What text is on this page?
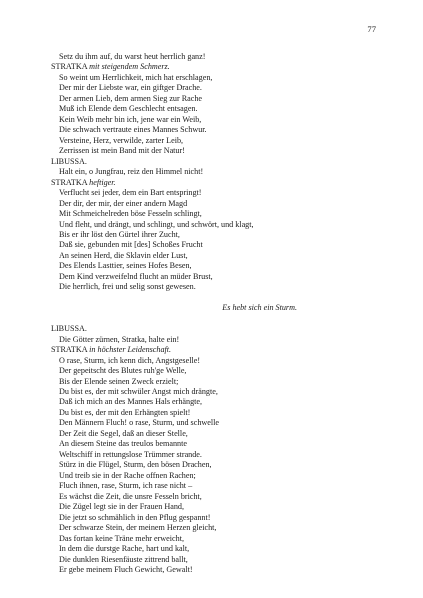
77
Setz du ihm auf, du warst heut herrlich ganz!
STRATKA mit steigendem Schmerz.
So weint um Herrlichkeit, mich hat erschlagen,
Der mir der Liebste war, ein giftger Drache.
Der armen Lieb, dem armen Sieg zur Rache
Muß ich Elende dem Geschlecht entsagen.
Kein Weib mehr bin ich, jene war ein Weib,
Die schwach vertraute eines Mannes Schwur.
Versteine, Herz, verwilde, zarter Leib,
Zerrissen ist mein Band mit der Natur!
LIBUSSA.
Halt ein, o Jungfrau, reiz den Himmel nicht!
STRATKA heftiger.
Verflucht sei jeder, dem ein Bart entspringt!
Der dir, der mir, der einer andern Magd
Mit Schmeichelreden böse Fesseln schlingt,
Und fleht, und drängt, und schlingt, und schwört, und klagt,
Bis er ihr löst den Gürtel ihrer Zucht,
Daß sie, gebunden mit [des] Schoßes Frucht
An seinen Herd, die Sklavin elder Lust,
Des Elends Lasttier, seines Hofes Besen,
Dem Kind verzweifelnd flucht an müder Brust,
Die herrlich, frei und selig sonst gewesen.
Es hebt sich ein Sturm.
LIBUSSA.
Die Götter zürnen, Stratka, halte ein!
STRATKA in höchster Leidenschaft.
O rase, Sturm, ich kenn dich, Angstgeselle!
Der gepeitscht des Blutes ruh'ge Welle,
Bis der Elende seinen Zweck erzielt;
Du bist es, der mit schwüler Angst mich drängte,
Daß ich mich an des Mannes Hals erhängte,
Du bist es, der mit den Erhängten spielt!
Den Männern Fluch! o rase, Sturm, und schwelle
Der Zeit die Segel, daß an dieser Stelle,
An diesem Steine das treulos bemannte
Weltschiff in rettungslose Trümmer strande.
Stürz in die Flügel, Sturm, den bösen Drachen,
Und treib sie in der Rache offnen Rachen;
Fluch ihnen, rase, Sturm, ich rase nicht –
Es wächst die Zeit, die unsre Fesseln bricht,
Die Zügel legt sie in der Frauen Hand,
Die jetzt so schmählich in den Pflug gespannt!
Der schwarze Stein, der meinem Herzen gleicht,
Das fortan keine Träne mehr erweicht,
In dem die durstge Rache, hart und kalt,
Die dunklen Riesenfäuste zittrend ballt,
Er gebe meinem Fluch Gewicht, Gewalt!
